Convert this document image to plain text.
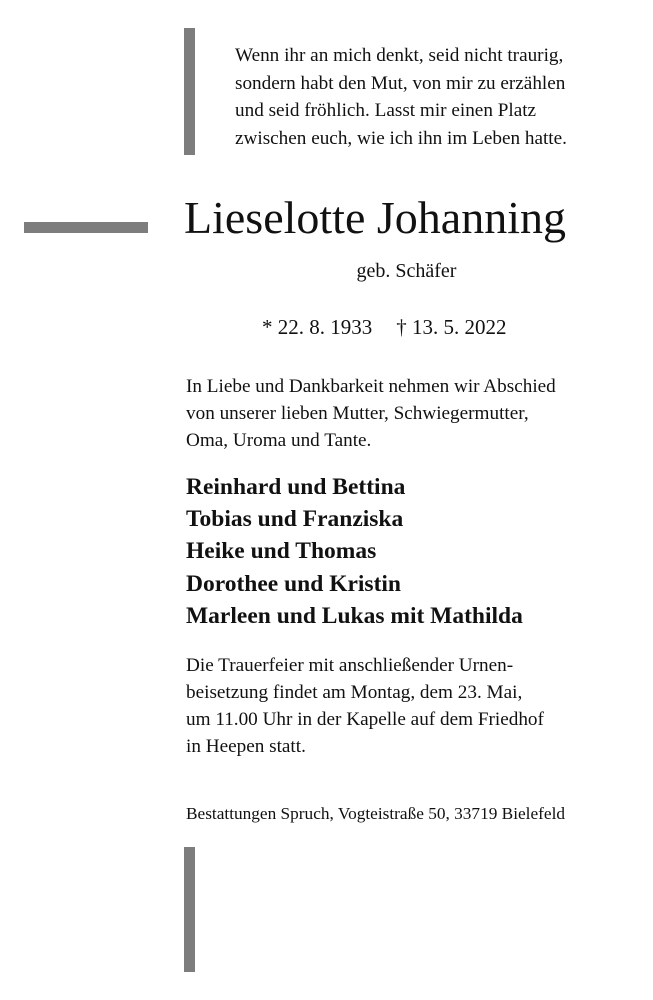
Wenn ihr an mich denkt, seid nicht traurig,
sondern habt den Mut, von mir zu erzählen
und seid fröhlich. Lasst mir einen Platz
zwischen euch, wie ich ihn im Leben hatte.
Lieselotte Johanning
geb. Schäfer
* 22. 8. 1933 † 13. 5. 2022
In Liebe und Dankbarkeit nehmen wir Abschied
von unserer lieben Mutter, Schwiegermutter,
Oma, Uroma und Tante.
Reinhard und Bettina
Tobias und Franziska
Heike und Thomas
Dorothee und Kristin
Marleen und Lukas mit Mathilda
Die Trauerfeier mit anschließender Urnen-
beisetzung findet am Montag, dem 23. Mai,
um 11.00 Uhr in der Kapelle auf dem Friedhof
in Heepen statt.
Bestattungen Spruch, Vogteistraße 50, 33719 Bielefeld
